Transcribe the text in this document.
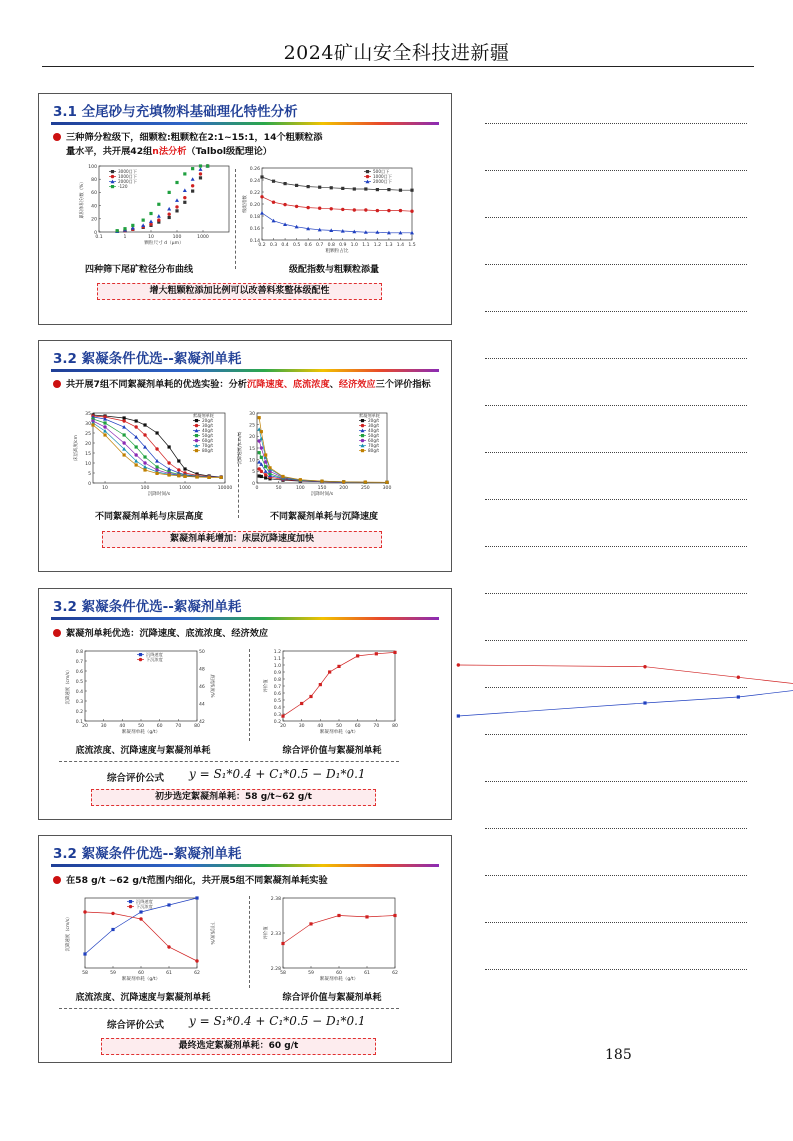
2024矿山安全科技进新疆
3.1 全尾砂与充填物料基础理化特性分析
三种筛分粒级下，细颗粒:粗颗粒在2:1~15:1，14个粗颗粒添
量水平，共开展42组n法分析（Talbol级配理论）
0
20
40
60
80
100
0.1	1	10	100	1000
颗粒尺寸 d（μm）
累积体积分数（%）
3000目下
1000目下
2000目下
-120
0.14
0.16
0.18
0.20
0.22
0.24
0.26
0.2 0.3 0.4 0.5 0.6 0.7 0.8 0.9 1.0 1.1 1.2 1.3 1.4 1.5
粗颗粒占比
级配指数
500目下
1000目下
2000目下
四种筛下尾矿粒径分布曲线	级配指数与粗颗粒添量
增大粗颗粒添加比例可以改善料浆整体级配性
3.2 絮凝条件优选--絮凝剂单耗
共开展7组不同絮凝剂单耗的优选实验：分析沉降速度、底流浓度、经济效应三个评价指标
0
5
10
15
20
25
30
35
10	100	1000	10000
沉降时间/s
床层高度/cm
絮凝剂单耗
20g/t
30g/t
40g/t
50g/t
60g/t
70g/t
80g/t
0
5
10
15
20
25
30
0	50	100	150	200	250	300
沉降时间/s
沉降速度/(cm/s)
絮凝剂单耗
20g/t
30g/t
40g/t
50g/t
60g/t
70g/t
80g/t
不同絮凝剂单耗与床层高度	不同絮凝剂单耗与沉降速度
絮凝剂单耗增加：床层沉降速度加快
3.2 絮凝条件优选--絮凝剂单耗
絮凝剂单耗优选：沉降速度、底流浓度、经济效应
0.1
0.2
0.3
0.4
0.5
0.6
0.7
0.8
42
44
46
48
50
20	30	40	50	60	70	80
絮凝剂单耗（g/t）
沉降速度（cm/s）	底流浓度/%
沉降速度
下沉浓度
0.2
0.3
0.4
0.5
0.6
0.7
0.8
0.9
1.0
1.1
1.2
20	30	40	50	60	70	80
絮凝剂单耗（g/t）
评价值
底流浓度、沉降速度与絮凝剂单耗	综合评价值与絮凝剂单耗
综合评价公式 y = S₁*0.4 + C₁*0.5 − D₁*0.1
初步选定絮凝剂单耗：58 g/t~62 g/t
3.2 絮凝条件优选--絮凝剂单耗
在58 g/t ~62 g/t范围内细化，共开展5组不同絮凝剂单耗实验
58	59	60	61	62
絮凝剂单耗（g/t）
沉降速度（cm/s）	下沉浓度/%
沉降速度
下沉浓度
2.28
2.33
2.38
58	59	60	61	62
絮凝剂单耗（g/t）
评价值
底流浓度、沉降速度与絮凝剂单耗	综合评价值与絮凝剂单耗
综合评价公式 y = S₁*0.4 + C₁*0.5 − D₁*0.1
最终选定絮凝剂单耗：60 g/t
185
